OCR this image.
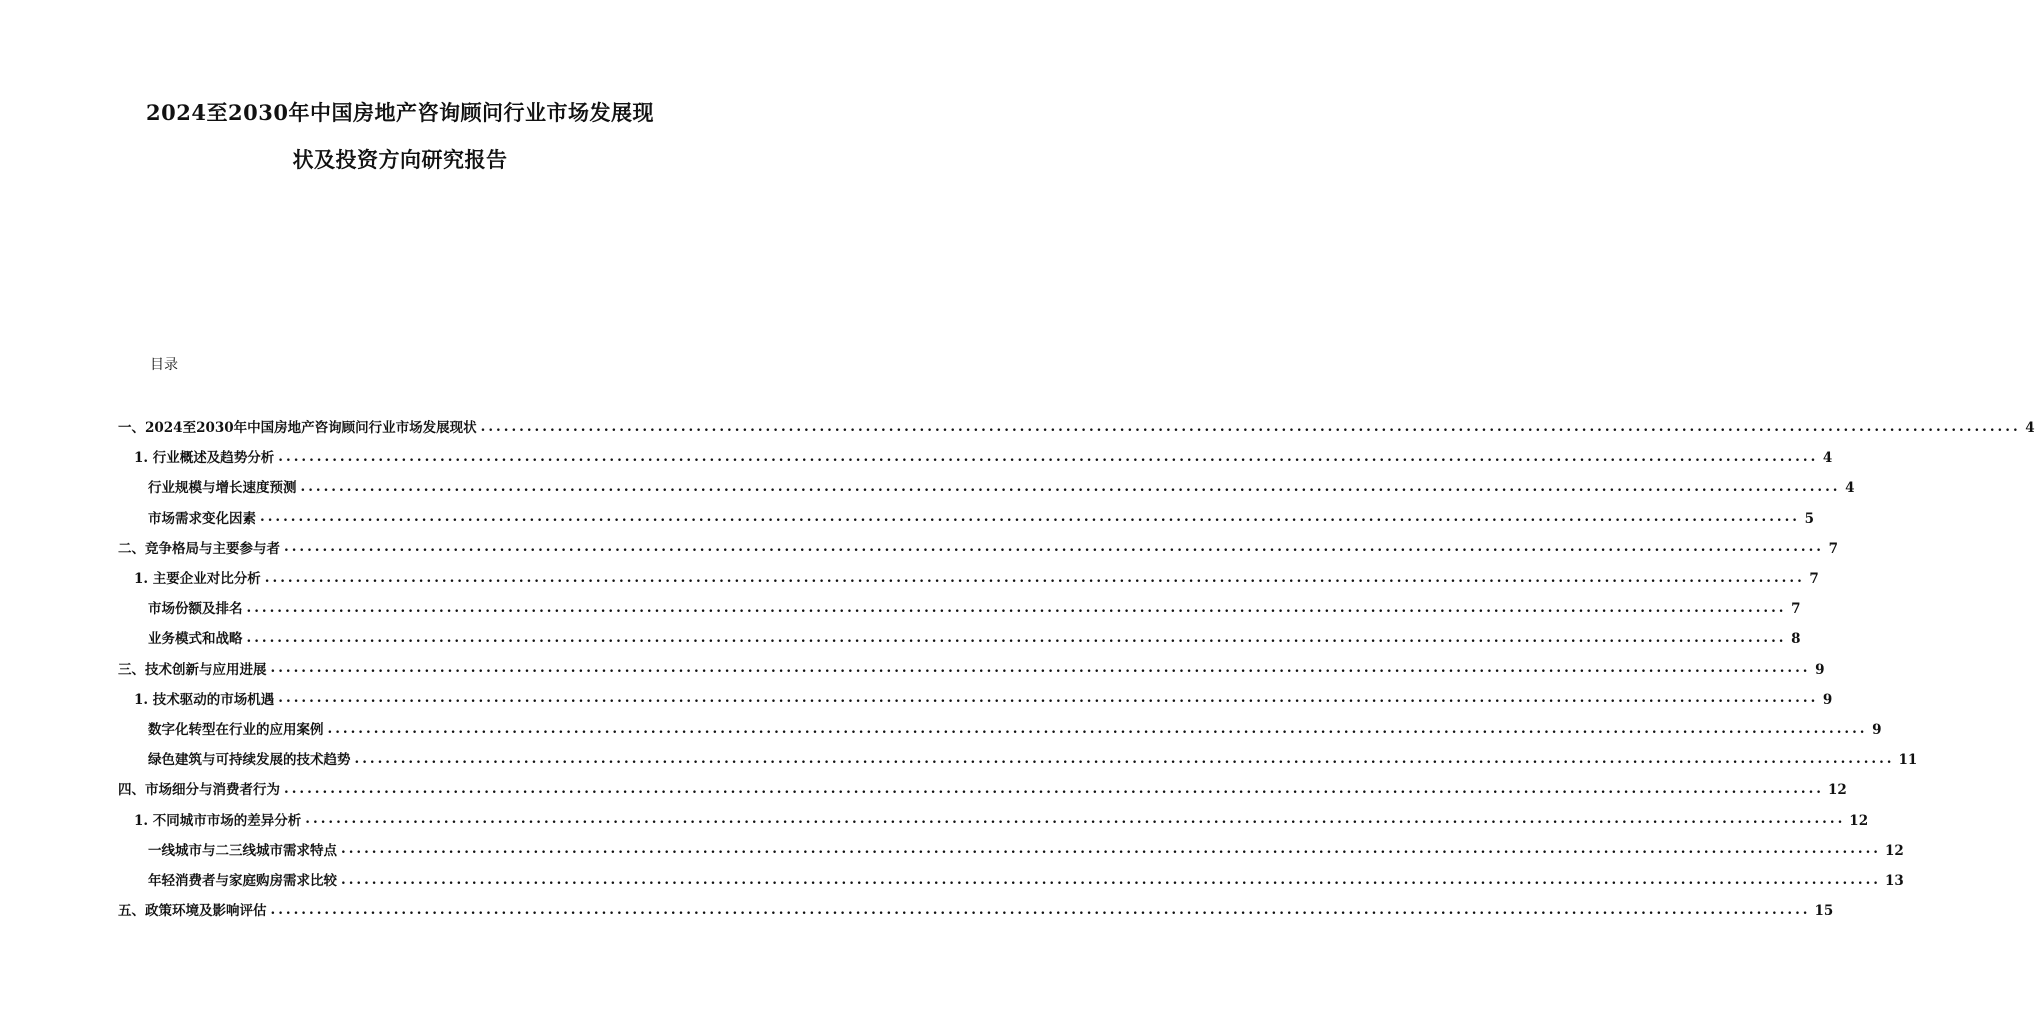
2024至2030年中国房地产咨询顾问行业市场发展现
状及投资方向研究报告
目录
一、2024至2030年中国房地产咨询顾问行业市场发展现状 ........................................................................................................................................................................................................ 4
1. 行业概述及趋势分析 ........................................................................................................................................................................................................ 4
行业规模与增长速度预测 ........................................................................................................................................................................................................ 4
市场需求变化因素 ........................................................................................................................................................................................................ 5
二、竞争格局与主要参与者 ........................................................................................................................................................................................................ 7
1. 主要企业对比分析 ........................................................................................................................................................................................................ 7
市场份额及排名 ........................................................................................................................................................................................................ 7
业务模式和战略 ........................................................................................................................................................................................................ 8
三、技术创新与应用进展 ........................................................................................................................................................................................................ 9
1. 技术驱动的市场机遇 ........................................................................................................................................................................................................ 9
数字化转型在行业的应用案例 ........................................................................................................................................................................................................ 9
绿色建筑与可持续发展的技术趋势 ........................................................................................................................................................................................................ 11
四、市场细分与消费者行为 ........................................................................................................................................................................................................ 12
1. 不同城市市场的差异分析 ........................................................................................................................................................................................................ 12
一线城市与二三线城市需求特点 ........................................................................................................................................................................................................ 12
年轻消费者与家庭购房需求比较 ........................................................................................................................................................................................................ 13
五、政策环境及影响评估 ........................................................................................................................................................................................................ 15
